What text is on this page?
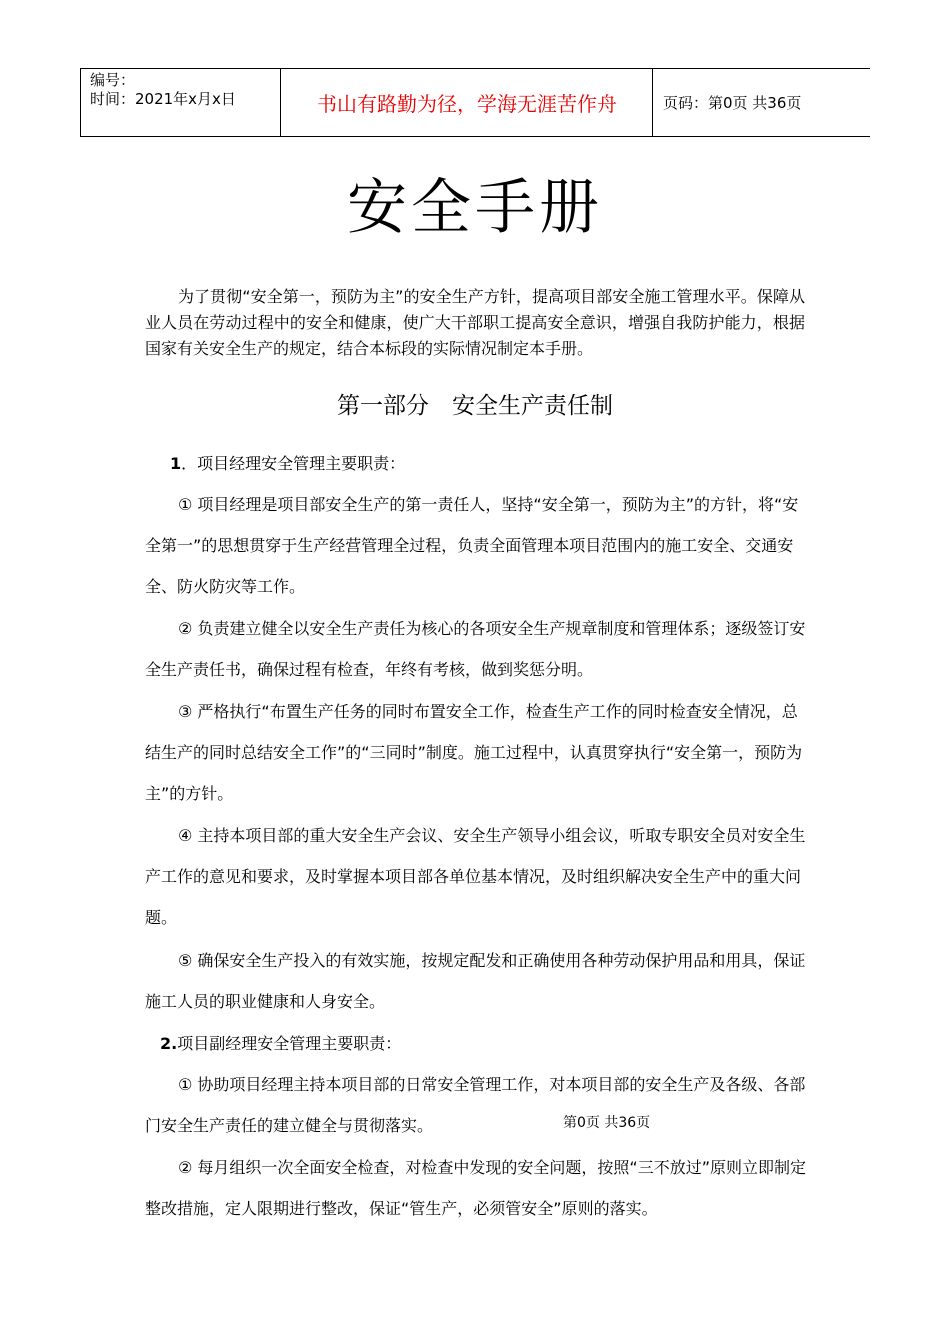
编号：
时间：2021年x月x日	书山有路勤为径，学海无涯苦作舟	页码：第0页 共36页
安全手册
为了贯彻“安全第一，预防为主”的安全生产方针，提高项目部安全施工管理水平。保障从业人员在劳动过程中的安全和健康，使广大干部职工提高安全意识，增强自我防护能力，根据国家有关安全生产的规定，结合本标段的实际情况制定本手册。
第一部分　安全生产责任制
1．项目经理安全管理主要职责：
① 项目经理是项目部安全生产的第一责任人，坚持“安全第一，预防为主”的方针，将“安全第一”的思想贯穿于生产经营管理全过程，负责全面管理本项目范围内的施工安全、交通安全、防火防灾等工作。
② 负责建立健全以安全生产责任为核心的各项安全生产规章制度和管理体系；逐级签订安全生产责任书，确保过程有检查，年终有考核，做到奖惩分明。
③ 严格执行“布置生产任务的同时布置安全工作，检查生产工作的同时检查安全情况，总结生产的同时总结安全工作”的“三同时”制度。施工过程中，认真贯穿执行“安全第一，预防为主”的方针。
④ 主持本项目部的重大安全生产会议、安全生产领导小组会议，听取专职安全员对安全生产工作的意见和要求，及时掌握本项目部各单位基本情况，及时组织解决安全生产中的重大问题。
⑤ 确保安全生产投入的有效实施，按规定配发和正确使用各种劳动保护用品和用具，保证施工人员的职业健康和人身安全。
2.项目副经理安全管理主要职责：
① 协助项目经理主持本项目部的日常安全管理工作，对本项目部的安全生产及各级、各部门安全生产责任的建立健全与贯彻落实。	第0页 共36页
② 每月组织一次全面安全检查，对检查中发现的安全问题，按照“三不放过”原则立即制定整改措施，定人限期进行整改，保证“管生产，必须管安全”原则的落实。
